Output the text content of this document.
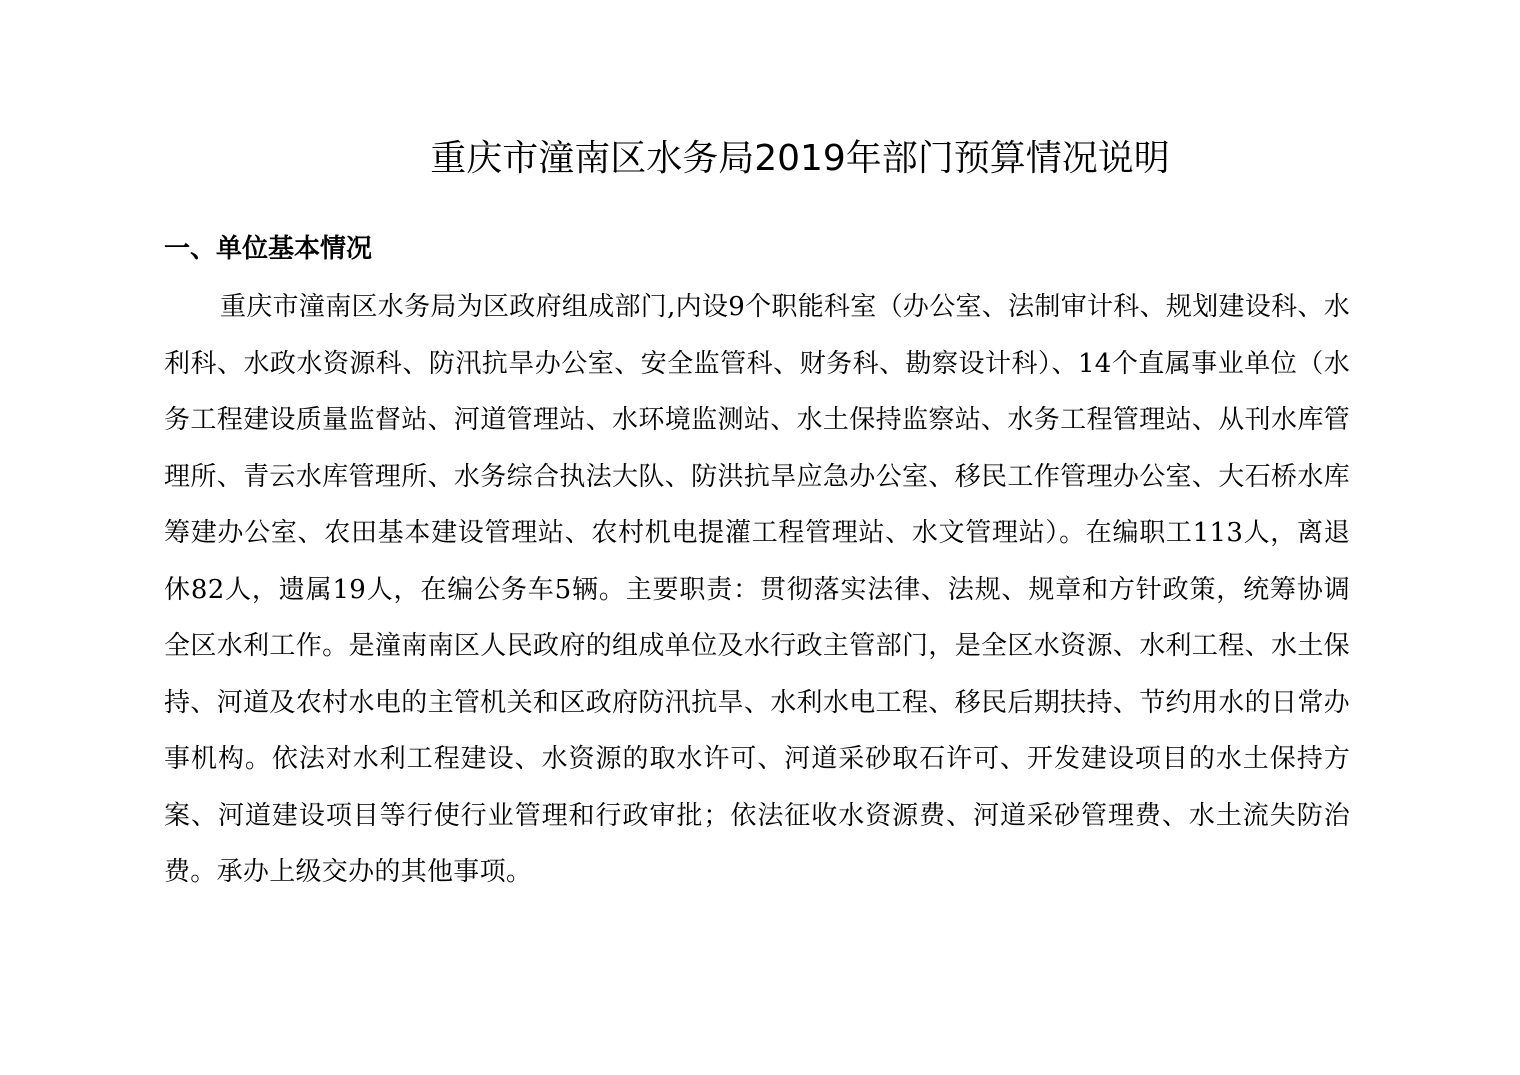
重庆市潼南区水务局2019年部门预算情况说明
一、单位基本情况

重庆市潼南区水务局为区政府组成部门,内设9个职能科室（办公室、法制审计科、规划建设科、水利科、水政水资源科、防汛抗旱办公室、安全监管科、财务科、勘察设计科）、14个直属事业单位（水务工程建设质量监督站、河道管理站、水环境监测站、水土保持监察站、水务工程管理站、从刊水库管理所、青云水库管理所、水务综合执法大队、防洪抗旱应急办公室、移民工作管理办公室、大石桥水库筹建办公室、农田基本建设管理站、农村机电提灌工程管理站、水文管理站）。在编职工113人，离退休82人，遗属19人，在编公务车5辆。主要职责：贯彻落实法律、法规、规章和方针政策，统筹协调全区水利工作。是潼南南区人民政府的组成单位及水行政主管部门，是全区水资源、水利工程、水土保持、河道及农村水电的主管机关和区政府防汛抗旱、水利水电工程、移民后期扶持、节约用水的日常办事机构。依法对水利工程建设、水资源的取水许可、河道采砂取石许可、开发建设项目的水土保持方案、河道建设项目等行使行业管理和行政审批；依法征收水资源费、河道采砂管理费、水土流失防治费。承办上级交办的其他事项。
